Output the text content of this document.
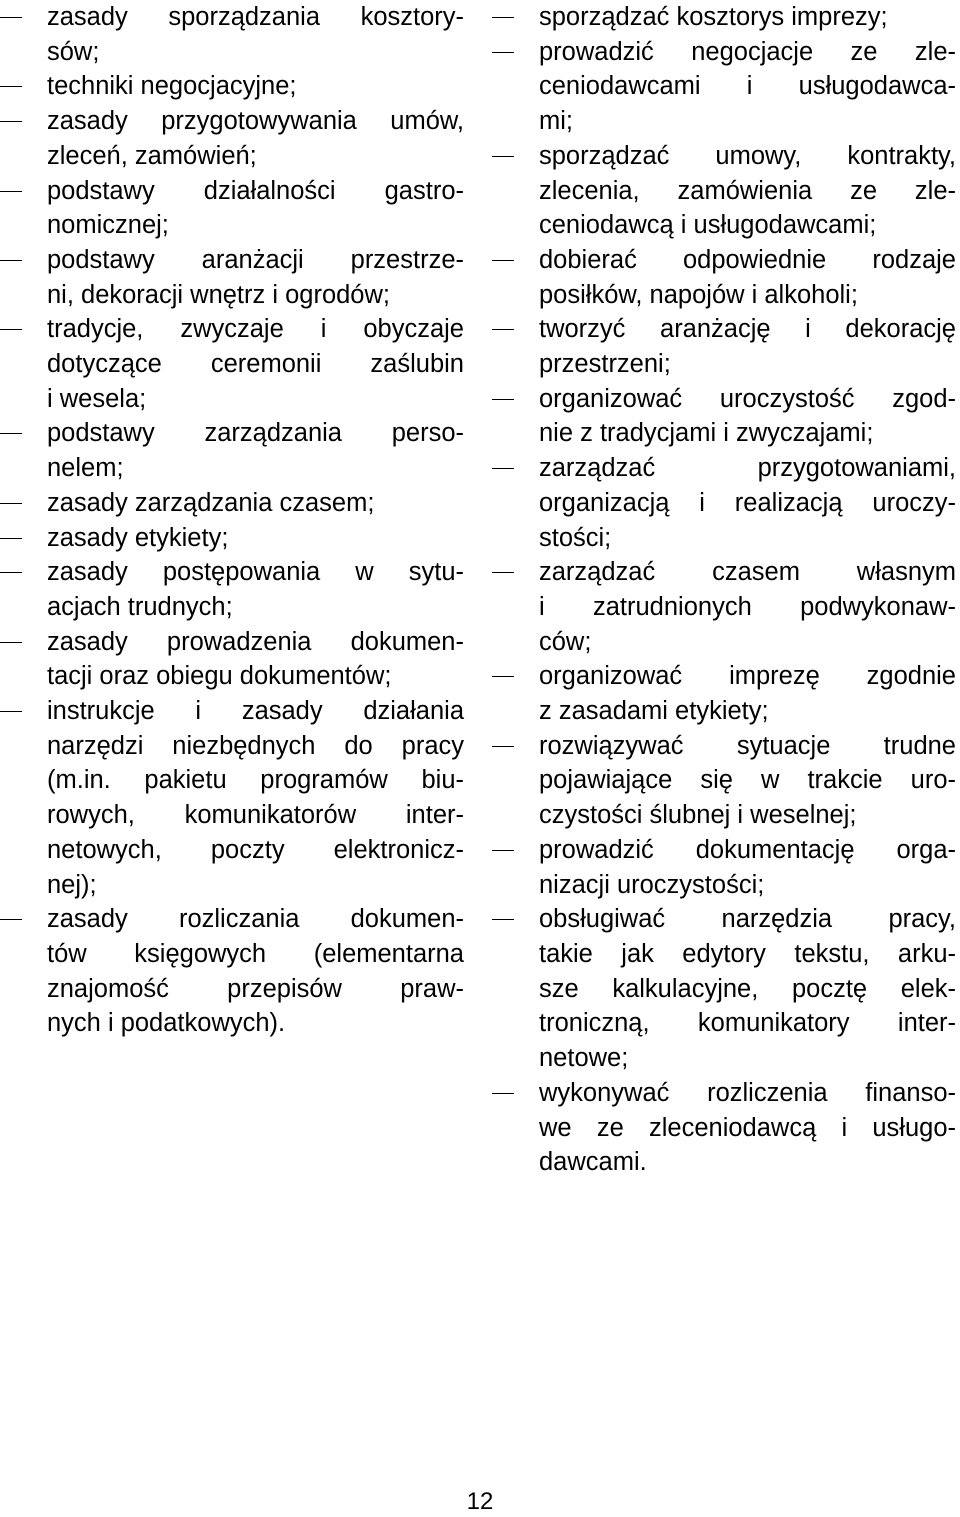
zasady sporządzania kosztory-
sów;
techniki negocjacyjne;
zasady przygotowywania umów,
zleceń, zamówień;
podstawy działalności gastro-
nomicznej;
podstawy aranżacji przestrze-
ni, dekoracji wnętrz i ogrodów;
tradycje, zwyczaje i obyczaje
dotyczące ceremonii zaślubin
i wesela;
podstawy zarządzania perso-
nelem;
zasady zarządzania czasem;
zasady etykiety;
zasady postępowania w sytu-
acjach trudnych;
zasady prowadzenia dokumen-
tacji oraz obiegu dokumentów;
instrukcje i zasady działania
narzędzi niezbędnych do pracy
(m.in. pakietu programów biu-
rowych, komunikatorów inter-
netowych, poczty elektronicz-
nej);
zasady rozliczania dokumen-
tów księgowych (elementarna
znajomość przepisów praw-
nych i podatkowych).
sporządzać kosztorys imprezy;
prowadzić negocjacje ze zle-
ceniodawcami i usługodawca-
mi;
sporządzać umowy, kontrakty,
zlecenia, zamówienia ze zle-
ceniodawcą i usługodawcami;
dobierać odpowiednie rodzaje
posiłków, napojów i alkoholi;
tworzyć aranżację i dekorację
przestrzeni;
organizować uroczystość zgod-
nie z tradycjami i zwyczajami;
zarządzać przygotowaniami,
organizacją i realizacją uroczy-
stości;
zarządzać czasem własnym
i zatrudnionych podwykonaw-
ców;
organizować imprezę zgodnie
z zasadami etykiety;
rozwiązywać sytuacje trudne
pojawiające się w trakcie uro-
czystości ślubnej i weselnej;
prowadzić dokumentację orga-
nizacji uroczystości;
obsługiwać narzędzia pracy,
takie jak edytory tekstu, arku-
sze kalkulacyjne, pocztę elek-
troniczną, komunikatory inter-
netowe;
wykonywać rozliczenia finanso-
we ze zleceniodawcą i usługo-
dawcami.
12
